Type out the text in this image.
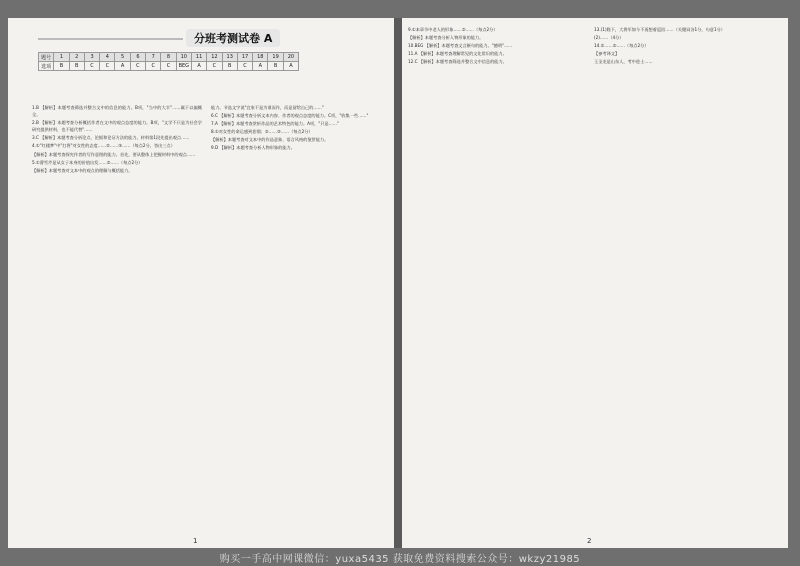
分班考测试卷 A
题号	1	2	3	4	5	6	7	8	10	11	12	13	17	18	19	20
选项	B	B	C	C	A	C	C	C	BEG	A	C	B	C	A	B	A

1.B 【解析】本题考查筛选并整合文中的信息的能力。B项，"当中的大半"……属于以偏概全。

2.B 【解析】本题考查分析概括作者在文中的观点态度的能力。B项，"文学不只是为社会学研究提供材料，也不能代替"……

3.C 【解析】本题考查分析论点、论据和论证方法的能力。材料第1段先提出观点……

4.①"红楼梦"中"打将"对女性的态度……②……③……（每点2分，答出三点）

【解析】本题考查探究作者的写作意图的能力。首先，要从整体上把握材料中的观点……

5.①曹雪芹是从女子本身的价值出发……②……（每点2分）

【解析】本题考查对文本中的观点的理解与概括能力。

能力。节选文字说"宜家不是为谁而作，而是留给自己的……"

6.C 【解析】本题考查分析文本内容、作者的观点态度的能力。C项，"收集一些……"

7.A 【解析】本题考查赏析作品的艺术特色的能力。A项，"只是……"

8.①对女性的命运感到悲悯；②……③……（每点2分）

【解析】本题考查对文本中的作品意象、语言风格的鉴赏能力。

9.D 【解析】本题考查分析人物形象的能力。

1

9.①本章节中老人的形象……②……（每点2分）

【解析】本题考查分析人物形象的能力。

10.BEG 【解析】本题考查文言断句的能力。"德明"……

11.A 【解析】本题考查理解常见的文化常识的能力。

12.C 【解析】本题考查筛选并整合文中信息的能力。

13.(1)陛下，大将军如今不再想着返回……（关键词各1分，句意1分）

(2)……（4分）

14.①……②……（每点2分）

【参考译文】

王圣龙是山东人，考中进士……

2
购买一手高中网课微信：yuxa5435 获取免费资料搜索公众号：wkzy21985
